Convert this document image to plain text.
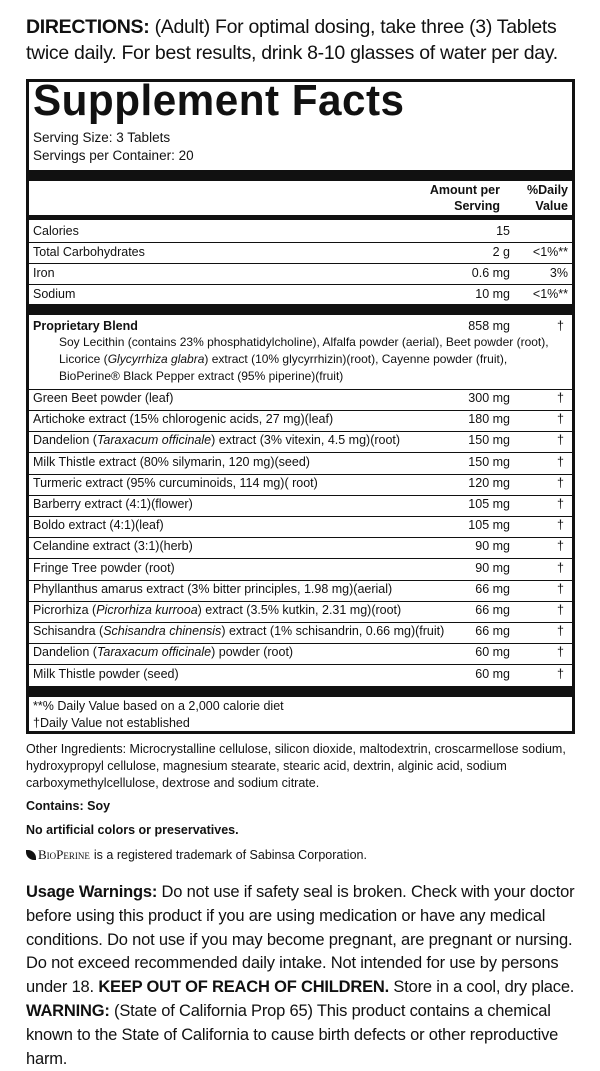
DIRECTIONS: (Adult) For optimal dosing, take three (3) Tablets twice daily. For best results, drink 8-10 glasses of water per day.
Supplement Facts
Serving Size: 3 Tablets
Servings per Container: 20
Amount per
Serving
%Daily
Value
Calories	15
Total Carbohydrates	2 g <1%**
Iron	0.6 mg	3%
Sodium	10 mg <1%**
Proprietary Blend	858 mg	†
Soy Lecithin (contains 23% phosphatidylcholine), Alfalfa powder (aerial), Beet powder (root),
Licorice (Glycyrrhiza glabra) extract (10% glycyrrhizin)(root), Cayenne powder (fruit),
BioPerine® Black Pepper extract (95% piperine)(fruit)
Green Beet powder (leaf)	300 mg	†
Artichoke extract (15% chlorogenic acids, 27 mg)(leaf)	180 mg	†
Dandelion (Taraxacum officinale) extract (3% vitexin, 4.5 mg)(root)	150 mg	†
Milk Thistle extract (80% silymarin, 120 mg)(seed)	150 mg	†
Turmeric extract (95% curcuminoids, 114 mg)( root)	120 mg	†
Barberry extract (4:1)(flower)	105 mg	†
Boldo extract (4:1)(leaf)	105 mg	†
Celandine extract (3:1)(herb)	90 mg	†
Fringe Tree powder (root)	90 mg	†
Phyllanthus amarus extract (3% bitter principles, 1.98 mg)(aerial)	66 mg	†
Picrorhiza (Picrorhiza kurrooa) extract (3.5% kutkin, 2.31 mg)(root)	66 mg	†
Schisandra (Schisandra chinensis) extract (1% schisandrin, 0.66 mg)(fruit) 66 mg	†
Dandelion (Taraxacum officinale) powder (root)	60 mg	†
Milk Thistle powder (seed)	60 mg	†
**% Daily Value based on a 2,000 calorie diet
†Daily Value not established
Other Ingredients: Microcrystalline cellulose, silicon dioxide, maltodextrin, croscarmellose sodium, hydroxypropyl cellulose, magnesium stearate, stearic acid, dextrin, alginic acid, sodium carboxymethylcellulose, dextrose and sodium citrate.
Contains: Soy
No artificial colors or preservatives.
BioPerine is a registered trademark of Sabinsa Corporation.
Usage Warnings: Do not use if safety seal is broken. Check with your doctor before using this product if you are using medication or have any medical conditions. Do not use if you may become pregnant, are pregnant or nursing. Do not exceed recommended daily intake. Not intended for use by persons under 18. KEEP OUT OF REACH OF CHILDREN. Store in a cool, dry place.
WARNING: (State of California Prop 65) This product contains a chemical known to the State of California to cause birth defects or other reproductive harm.
